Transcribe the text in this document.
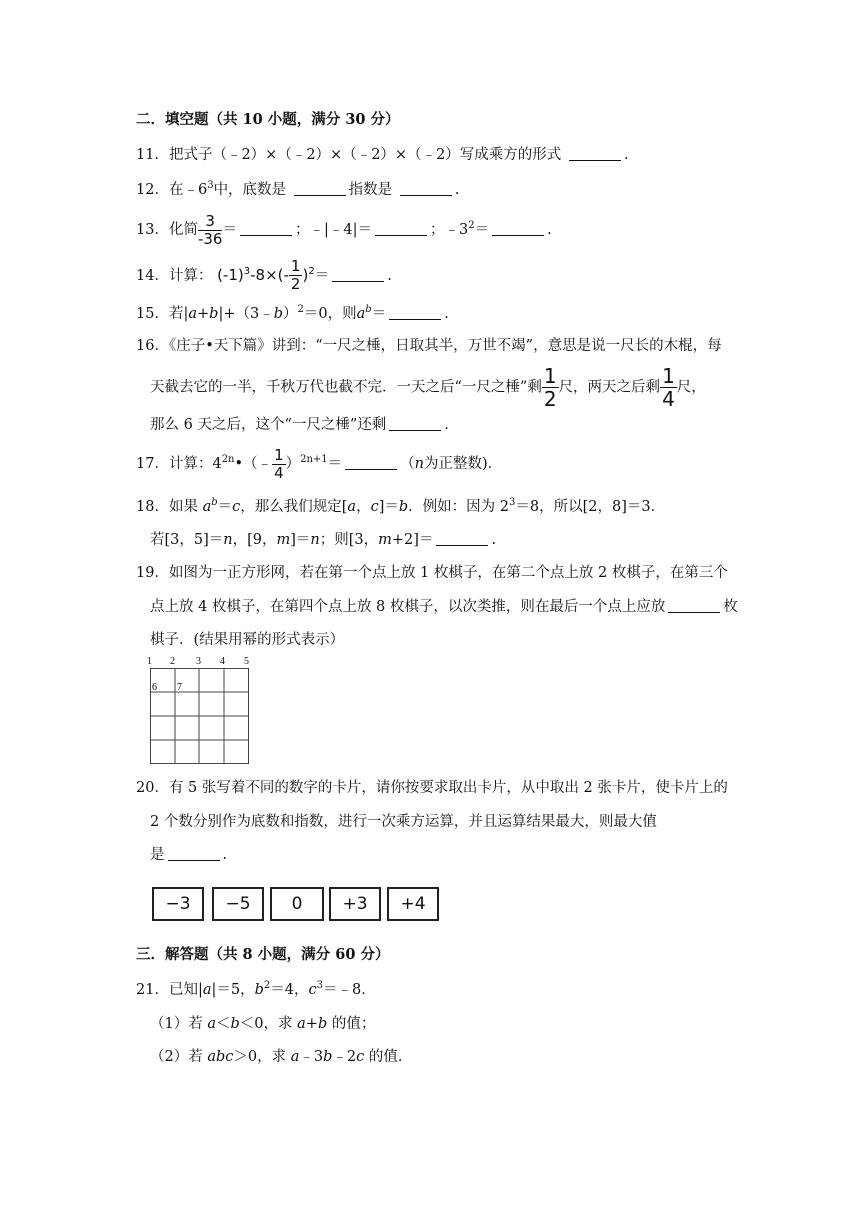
二．填空题（共 10 小题，满分 30 分）
11．把式子（﹣2）×（﹣2）×（﹣2）×（﹣2）写成乘方的形式	.
12．在$﹣6^3$中，底数是	指数是	.
13．化简 $\frac{3}{-36}$ ＝	；﹣|﹣4|＝	；$﹣3^2=$	.
14．计算： $(-1)^3-8\times(- \frac{1}{2} )^2=$	.
15．若|a+b|+（3﹣b）$^2$＝0，则$a^b=$	.
16．《庄子•天下篇》讲到：“一尺之棰，日取其半，万世不竭”，意思是说一尺长的木棍，每
天截去它的一半，千秋万代也截不完．一天之后“一尺之棰”剩 $\frac{1}{2}$ 尺，两天之后剩 $\frac{1}{4}$ 尺，
那么 6 天之后，这个“一尺之棰”还剩	.
17．计算：$4^{2n}•(﹣ \frac{1}{4} )^{2n+1}=$	（n为正整数)．
18．如果 $a^b=c$，那么我们规定[a，c]＝b．例如：因为 $2^3=8$，所以[2，8]＝3．
若[3，5]＝n，[9，m]＝n；则[3，m+2]＝	.
19．如图为一正方形网，若在第一个点上放 1 枚棋子，在第二个点上放 2 枚棋子，在第三个
点上放 4 枚棋子，在第四个点上放 8 枚棋子，以次类推，则在最后一个点上应放	枚
棋子．(结果用幂的形式表示）
1 2 3 4 5
6 7
20．有 5 张写着不同的数字的卡片，请你按要求取出卡片，从中取出 2 张卡片，使卡片上的
2 个数分别作为底数和指数，进行一次乘方运算，并且运算结果最大，则最大值
是	.
−3	−5	0	+3	+4
三．解答题（共 8 小题，满分 60 分）
21．已知|a|＝5，$b^2=4$，$c^3=﹣8$．
（1）若 a＜b＜0，求 a+b 的值；
（2）若 abc＞0，求 a﹣3b﹣2c 的值．
